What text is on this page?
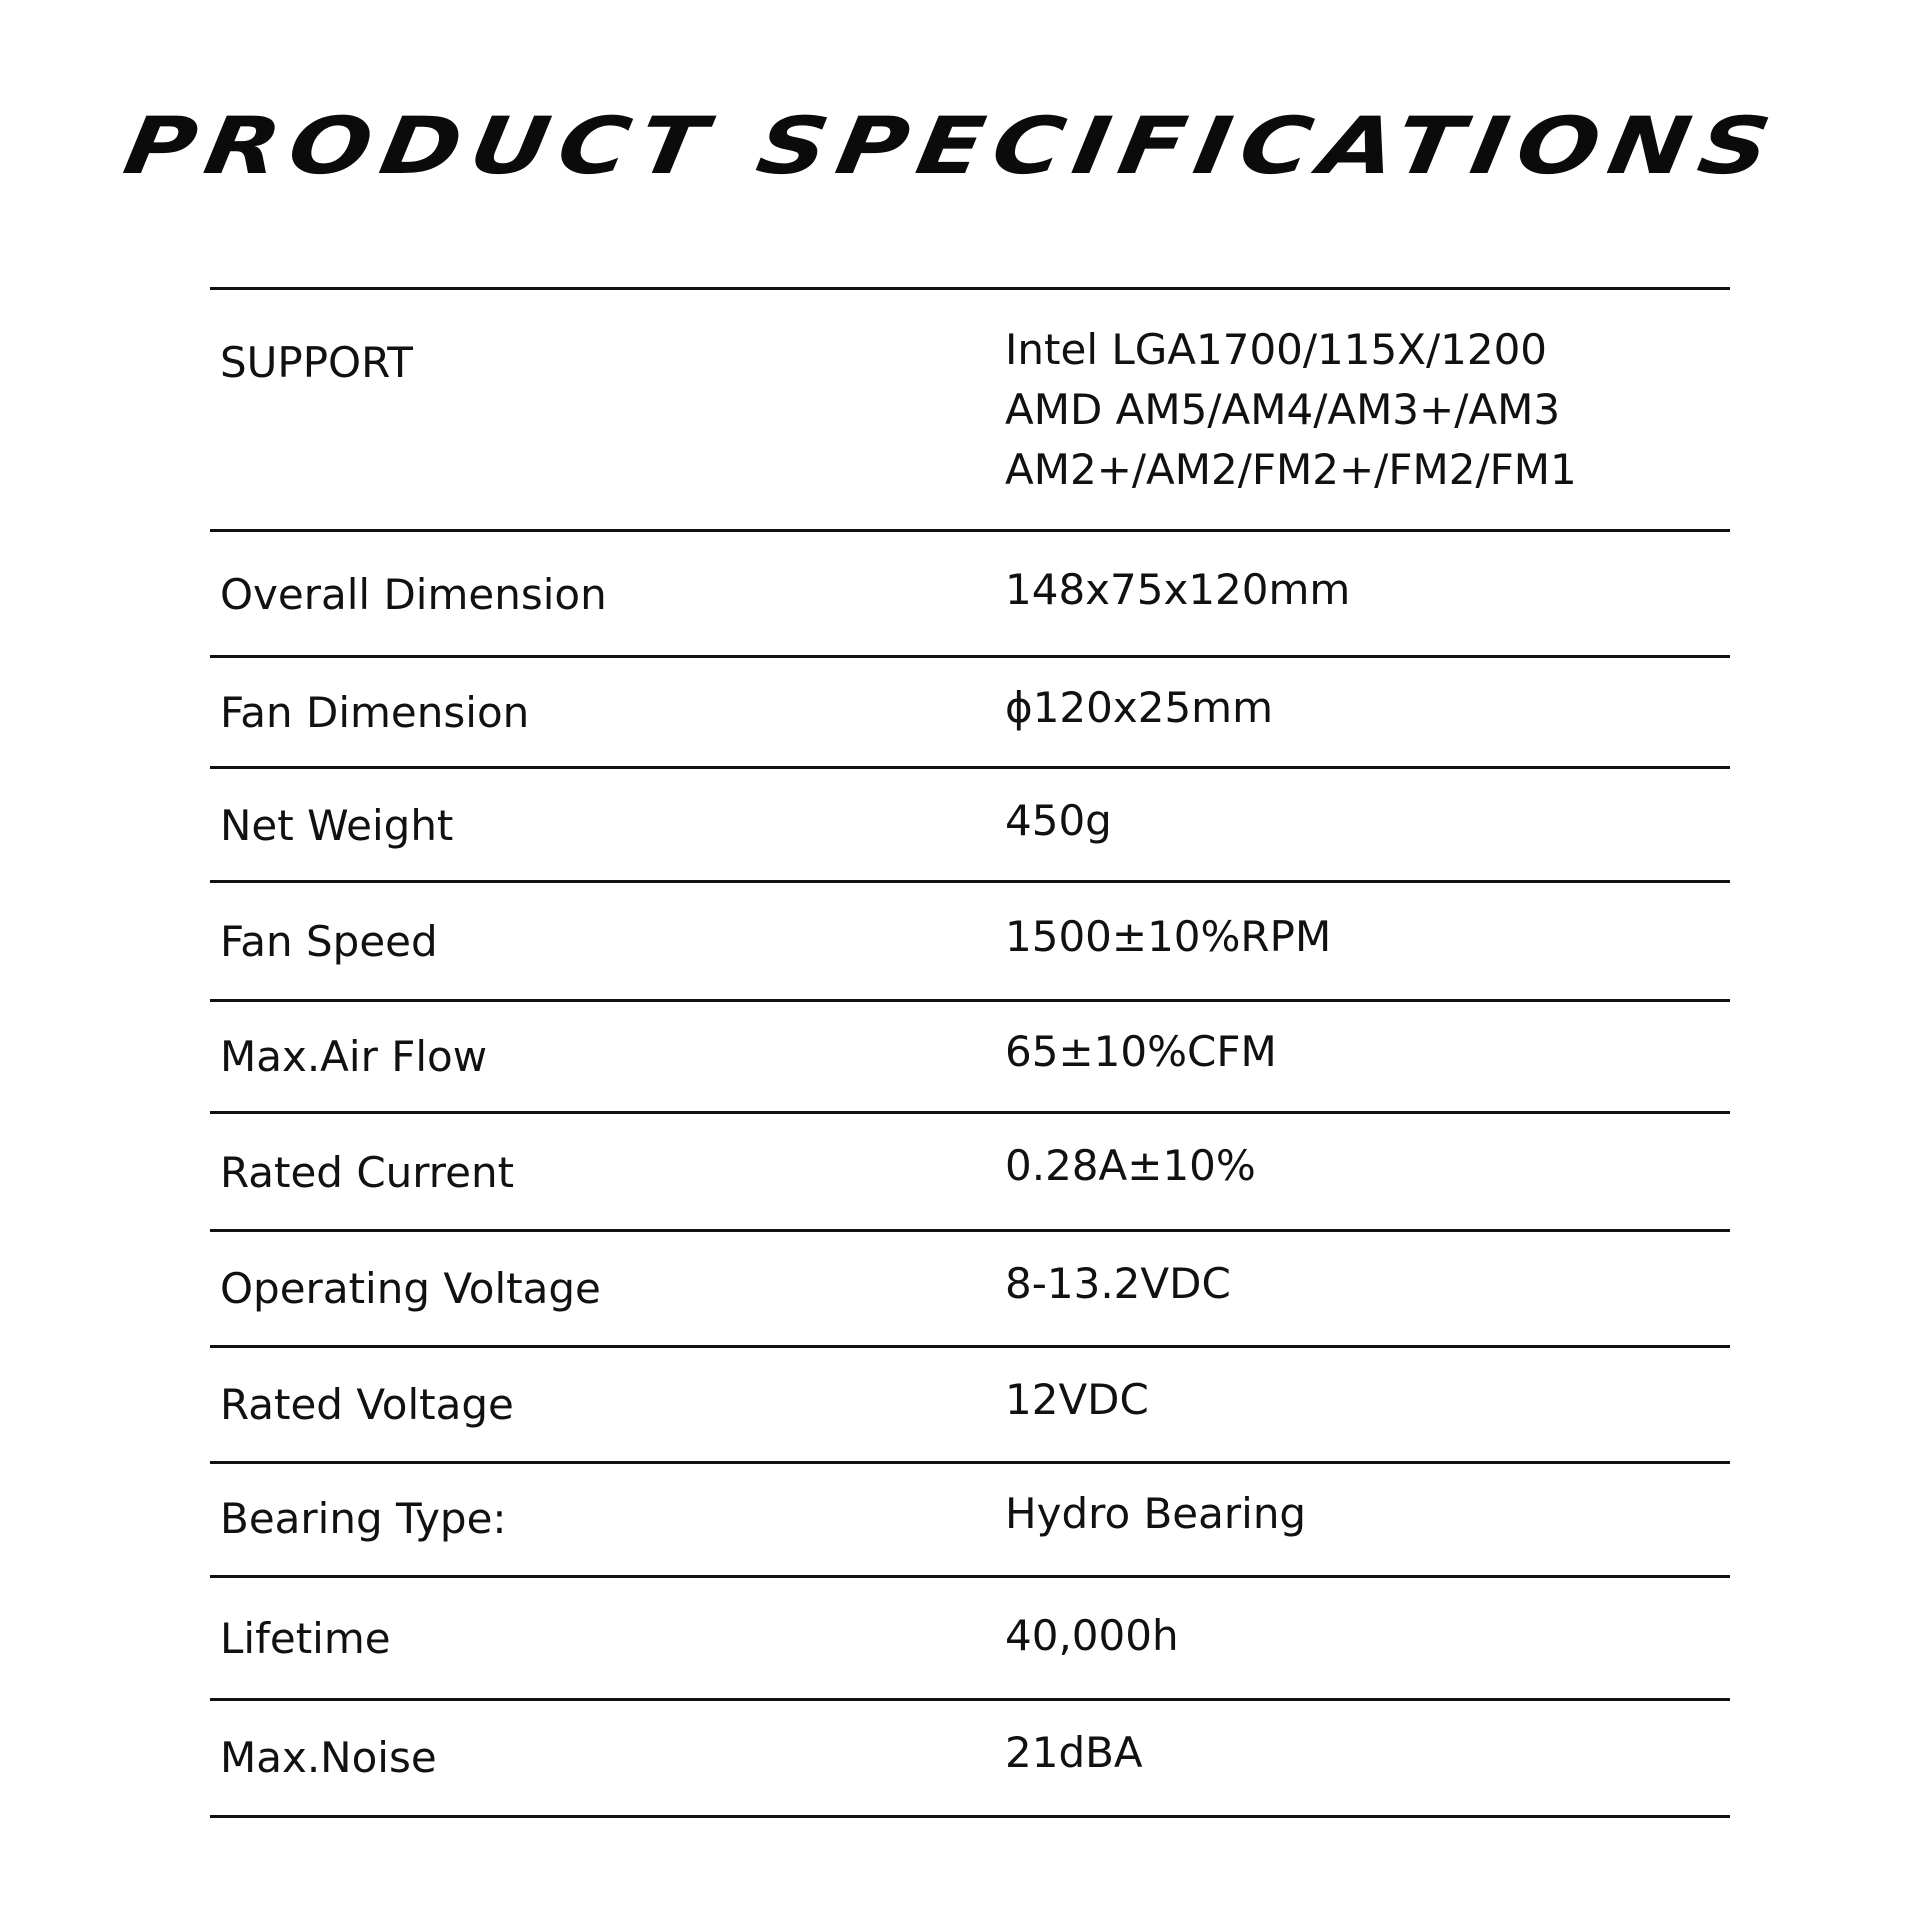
PRODUCT SPECIFICATIONS
SUPPORT	Intel LGA1700/115X/1200
AMD AM5/AM4/AM3+/AM3
AM2+/AM2/FM2+/FM2/FM1
Overall Dimension	148x75x120mm
Fan Dimension	ϕ120x25mm
Net Weight	450g
Fan Speed	1500±10%RPM
Max.Air Flow	65±10%CFM
Rated Current	0.28A±10%
Operating Voltage	8-13.2VDC
Rated Voltage	12VDC
Bearing Type:	Hydro Bearing
Lifetime	40,000h
Max.Noise	21dBA
